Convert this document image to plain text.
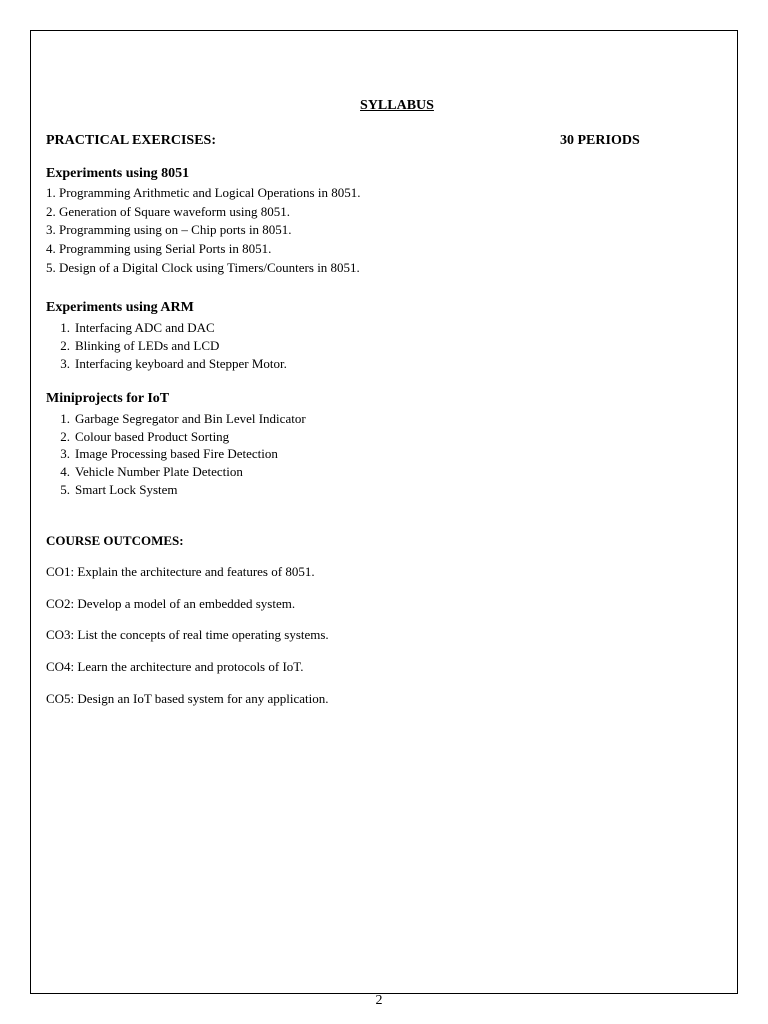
SYLLABUS
PRACTICAL EXERCISES:	30 PERIODS
Experiments using 8051
1. Programming Arithmetic and Logical Operations in 8051.
2. Generation of Square waveform using 8051.
3. Programming using on – Chip ports in 8051.
4. Programming using Serial Ports in 8051.
5. Design of a Digital Clock using Timers/Counters in 8051.
Experiments using ARM
1. Interfacing ADC and DAC
2. Blinking of LEDs and LCD
3. Interfacing keyboard and Stepper Motor.
Miniprojects for IoT
1. Garbage Segregator and Bin Level Indicator
2. Colour based Product Sorting
3. Image Processing based Fire Detection
4. Vehicle Number Plate Detection
5. Smart Lock System
COURSE OUTCOMES:
CO1: Explain the architecture and features of 8051.
CO2: Develop a model of an embedded system.
CO3: List the concepts of real time operating systems.
CO4: Learn the architecture and protocols of IoT.
CO5: Design an IoT based system for any application.
2
